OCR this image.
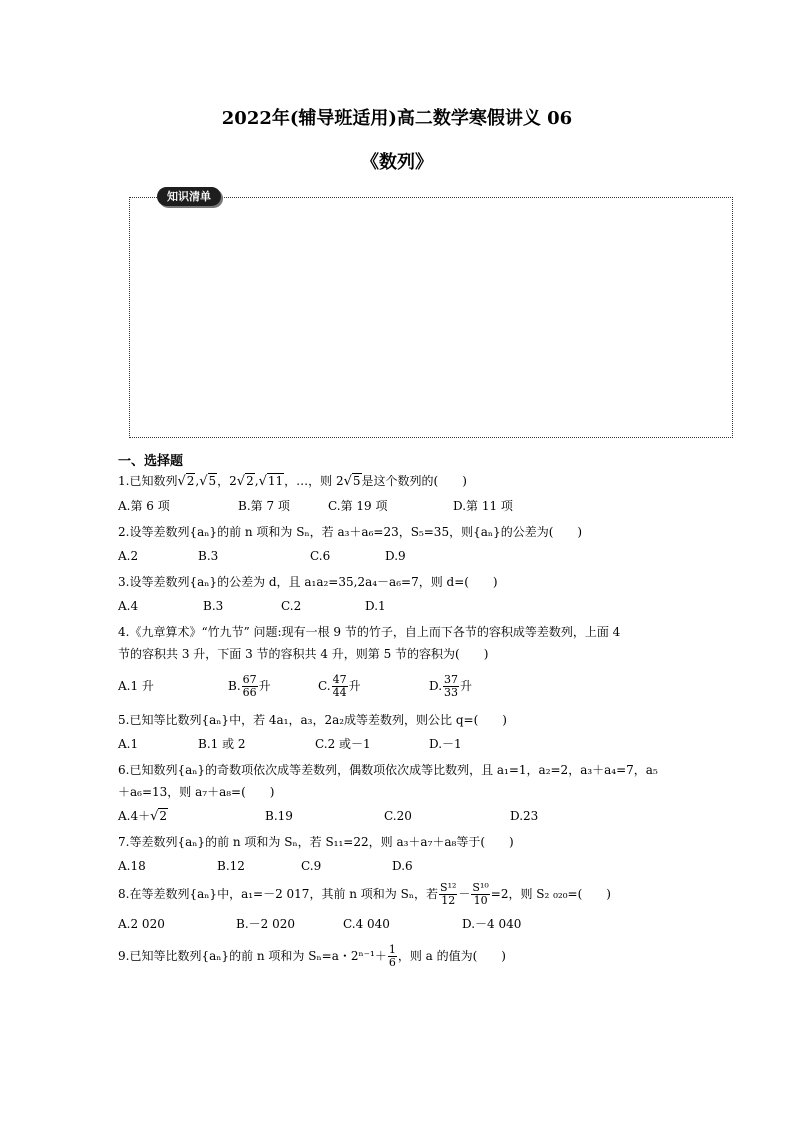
2022年(辅导班适用)高二数学寒假讲义 06
《数列》
知识清单
一、选择题
1.已知数列√2,√5，2√2,√11，…，则 2√5是这个数列的(　　)
A.第 6 项	B.第 7 项	C.第 19 项	D.第 11 项
2.设等差数列{aₙ}的前 n 项和为 Sₙ，若 a₃＋a₆=23，S₅=35，则{aₙ}的公差为(　　)
A.2	B.3	C.6	D.9
3.设等差数列{aₙ}的公差为 d，且 a₁a₂=35,2a₄－a₆=7，则 d=(　　)
A.4	B.3	C.2	D.1
4.《九章算术》“竹九节” 问题:现有一根 9 节的竹子，自上而下各节的容积成等差数列，上面 4
节的容积共 3 升，下面 3 节的容积共 4 升，则第 5 节的容积为(　　)
A.1 升	B. $\frac{67}{66}$ 升	C. $\frac{47}{44}$ 升	D. $\frac{37}{33}$ 升
5.已知等比数列{aₙ}中，若 4a₁，a₃，2a₂成等差数列，则公比 q=(　　)
A.1	B.1 或 2	C.2 或－1	D.－1
6.已知数列{aₙ}的奇数项依次成等差数列，偶数项依次成等比数列，且 a₁=1，a₂=2，a₃＋a₄=7，a₅
＋a₆=13，则 a₇＋a₈=(　　)
A.4＋√2	B.19	C.20	D.23
7.等差数列{aₙ}的前 n 项和为 Sₙ，若 S₁₁=22，则 a₃＋a₇＋a₈等于(　　)
A.18	B.12	C.9	D.6
8.在等差数列{aₙ}中，a₁=－2 017，其前 n 项和为 Sₙ，若 $\frac{\text{S¹²}}{12} - \frac{\text{S¹⁰}}{10} =2$，则 S₂ ₀₂₀=(　　)
A.2 020	B.－2 020	C.4 040	D.－4 040
9.已知等比数列{aₙ}的前 n 项和为 Sₙ=a・$2^{n-1}+ \frac{1}{6}$ ，则 a 的值为(　　)
